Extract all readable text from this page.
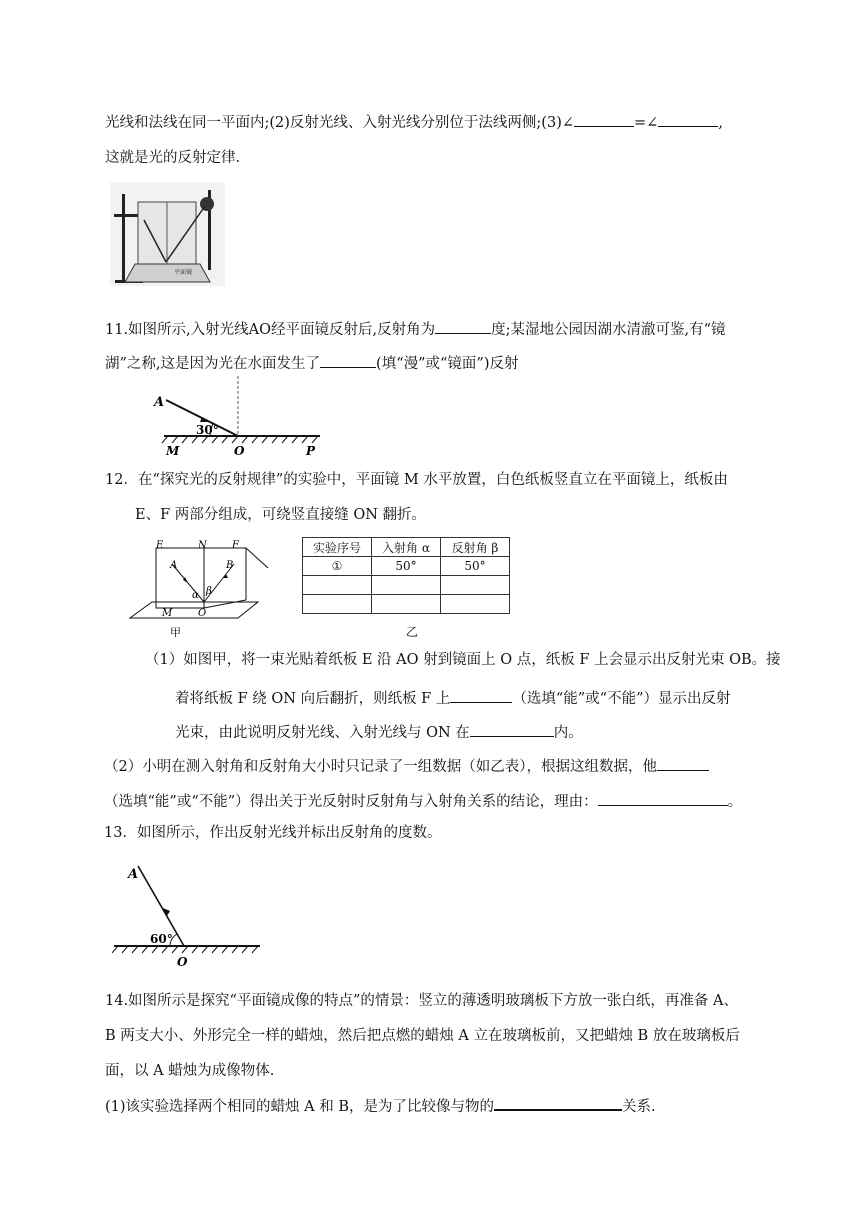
光线和法线在同一平面内;(2)反射光线、入射光线分别位于法线两侧;(3)∠	=∠	,
这就是光的反射定律.
平面镜
11.如图所示,入射光线AO经平面镜反射后,反射角为	度;某湿地公园因湖水清澈可鉴,有“镜
湖”之称,这是因为光在水面发生了	(填“漫”或“镜面”)反射
A
30°
M	O	P
12．在“探究光的反射规律”的实验中，平面镜 M 水平放置，白色纸板竖直立在平面镜上，纸板由
E、F 两部分组成，可绕竖直接缝 ON 翻折。
E	N	F
A	B
α β
O
M
甲
实验序号	入射角 α	反射角 β
①	50°	50°

乙
（1）如图甲，将一束光贴着纸板 E 沿 AO 射到镜面上 O 点，纸板 F 上会显示出反射光束 OB。接
着将纸板 F 绕 ON 向后翻折，则纸板 F 上	（选填“能”或“不能”）显示出反射
光束，由此说明反射光线、入射光线与 ON 在	内。
（2）小明在测入射角和反射角大小时只记录了一组数据（如乙表），根据这组数据，他
（选填“能”或“不能”）得出关于光反射时反射角与入射角关系的结论，理由：	。
13．如图所示，作出反射光线并标出反射角的度数。
A
60°
O
14.如图所示是探究“平面镜成像的特点”的情景：竖立的薄透明玻璃板下方放一张白纸，再准备 A、
B 两支大小、外形完全一样的蜡烛，然后把点燃的蜡烛 A 立在玻璃板前，又把蜡烛 B 放在玻璃板后
面，以 A 蜡烛为成像物体.
(1)该实验选择两个相同的蜡烛 A 和 B，是为了比较像与物的	关系.
